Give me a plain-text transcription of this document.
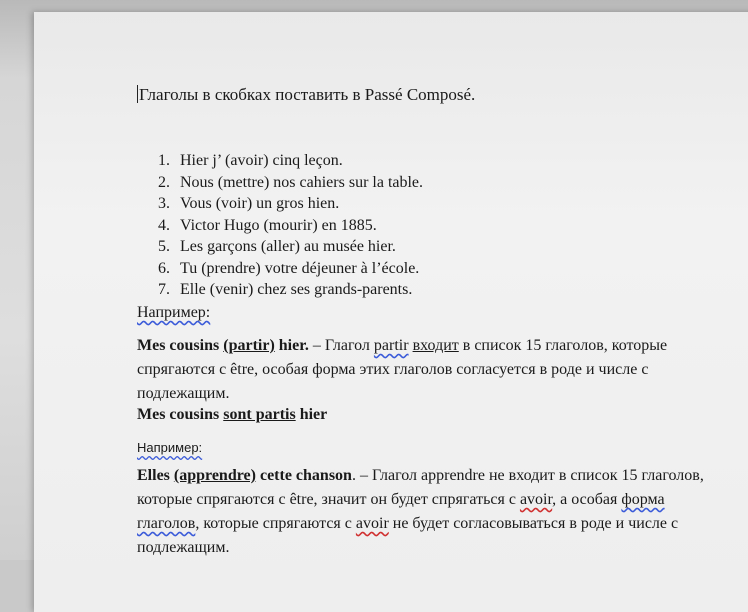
Глаголы в скобках поставить в Passé Composé.
1. Hier j’ (avoir) cinq leçon.
2. Nous (mettre) nos cahiers sur la table.
3. Vous (voir) un gros hien.
4. Victor Hugo (mourir) en 1885.
5. Les garçons (aller) au musée hier.
6. Tu (prendre) votre déjeuner à l’école.
7. Elle (venir) chez ses grands-parents.
Например:
Mes cousins (partir) hier. – Глагол partir входит в список 15 глаголов, которые спрягаются с être, особая форма этих глаголов согласуется в роде и числе с подлежащим.
Mes cousins sont partis hier
Например:
Elles (apprendre) cette chanson. – Глагол apprendre не входит в список 15 глаголов, которые спрягаются с être, значит он будет спрягаться с avoir, а особая форма глаголов, которые спрягаются с avoir не будет согласовываться в роде и числе с подлежащим.
